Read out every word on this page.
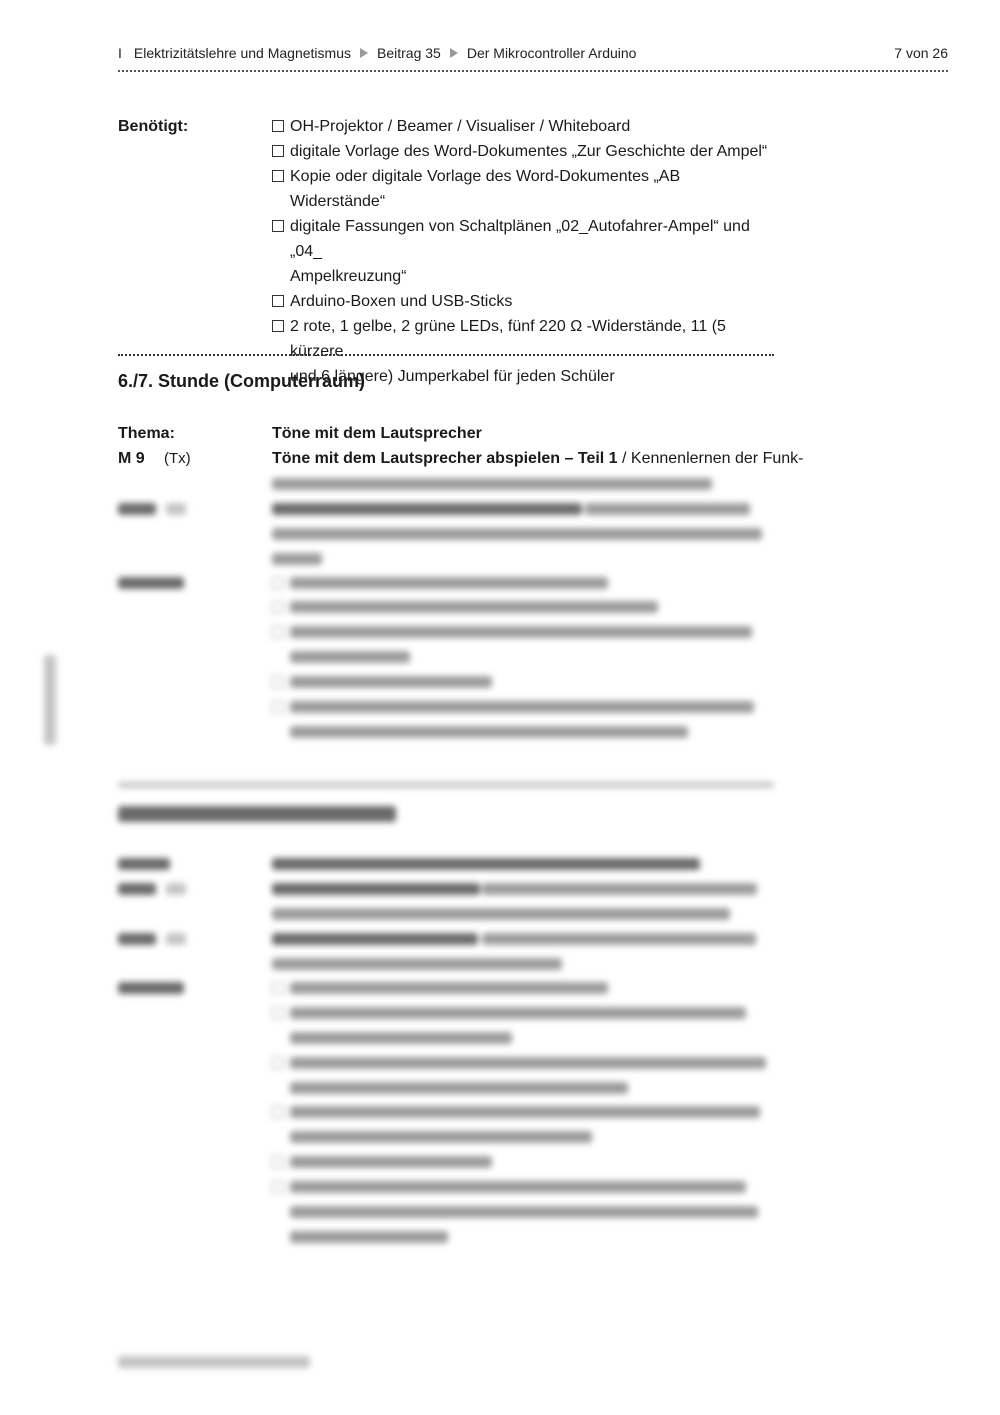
I Elektrizitätslehre und Magnetismus Beitrag 35 Der Mikrocontroller Arduino	7 von 26
Benötigt:	OH-Projektor / Beamer / Visualiser / Whiteboard
digitale Vorlage des Word-Dokumentes „Zur Geschichte der Ampel“
Kopie oder digitale Vorlage des Word-Dokumentes „AB Widerstände“
digitale Fassungen von Schaltplänen „02_Autofahrer-Ampel“ und „04_
Ampelkreuzung“
Arduino-Boxen und USB-Sticks
2 rote, 1 gelbe, 2 grüne LEDs, fünf 220 Ω -Widerstände, 11 (5 kürzere
und 6 längere) Jumperkabel für jeden Schüler
6./7. Stunde (Computerraum)
Thema:	Töne mit dem Lautsprecher
M 9 (Tx)	Töne mit dem Lautsprecher abspielen – Teil 1 / Kennenlernen der Funk-
